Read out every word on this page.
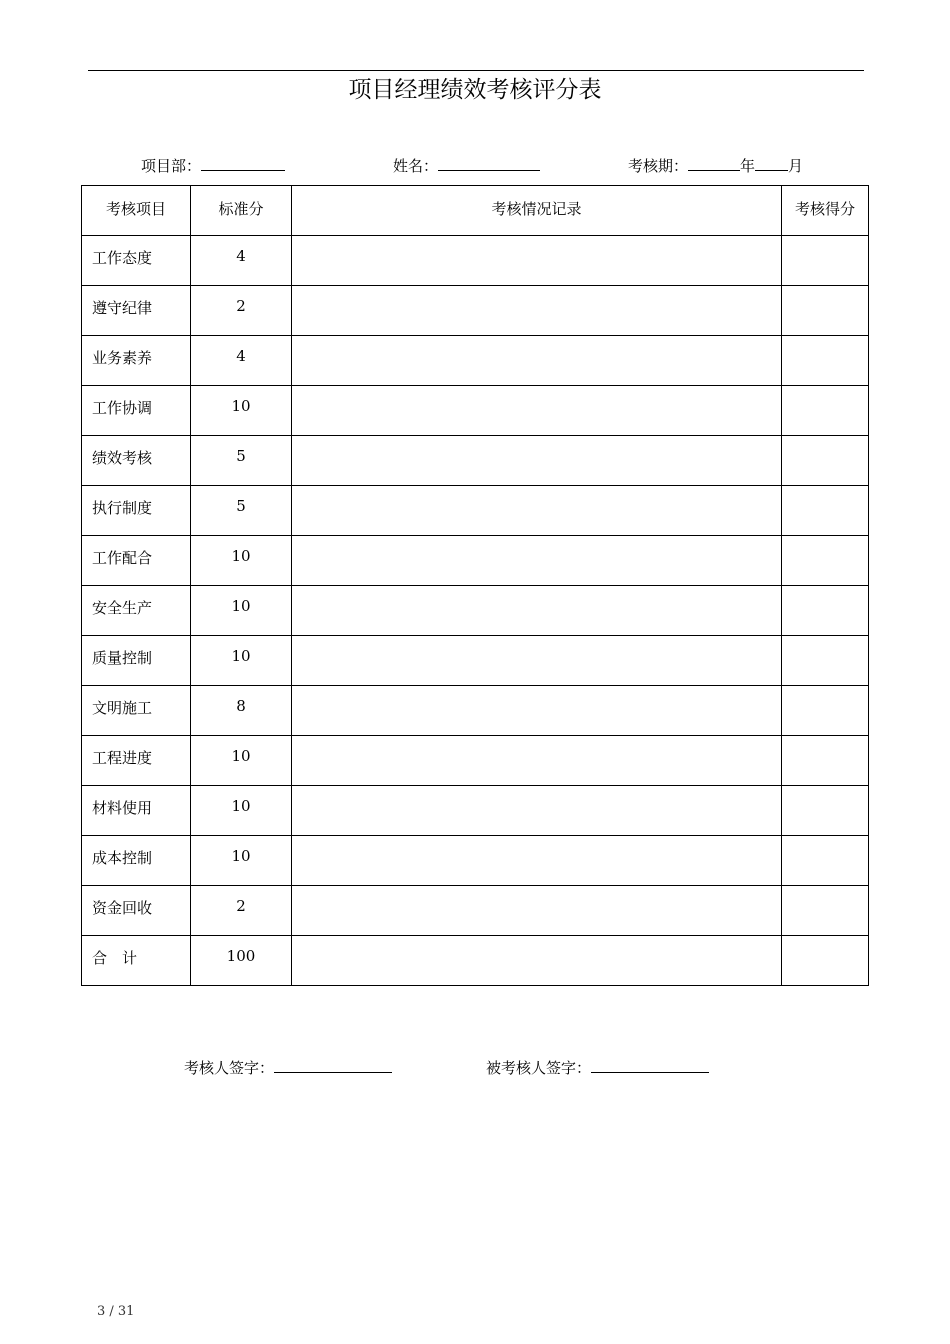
项目经理绩效考核评分表
项目部：	姓名：	考核期：	年 月
考核项目	标准分	考核情况记录	考核得分
工作态度	4		
遵守纪律	2		
业务素养	4		
工作协调	10		
绩效考核	5		
执行制度	5		
工作配合	10		
安全生产	10		
质量控制	10		
文明施工	8		
工程进度	10		
材料使用	10		
成本控制	10		
资金回收	2		
合　计	100		
考核人签字：	被考核人签字：
3 / 31
